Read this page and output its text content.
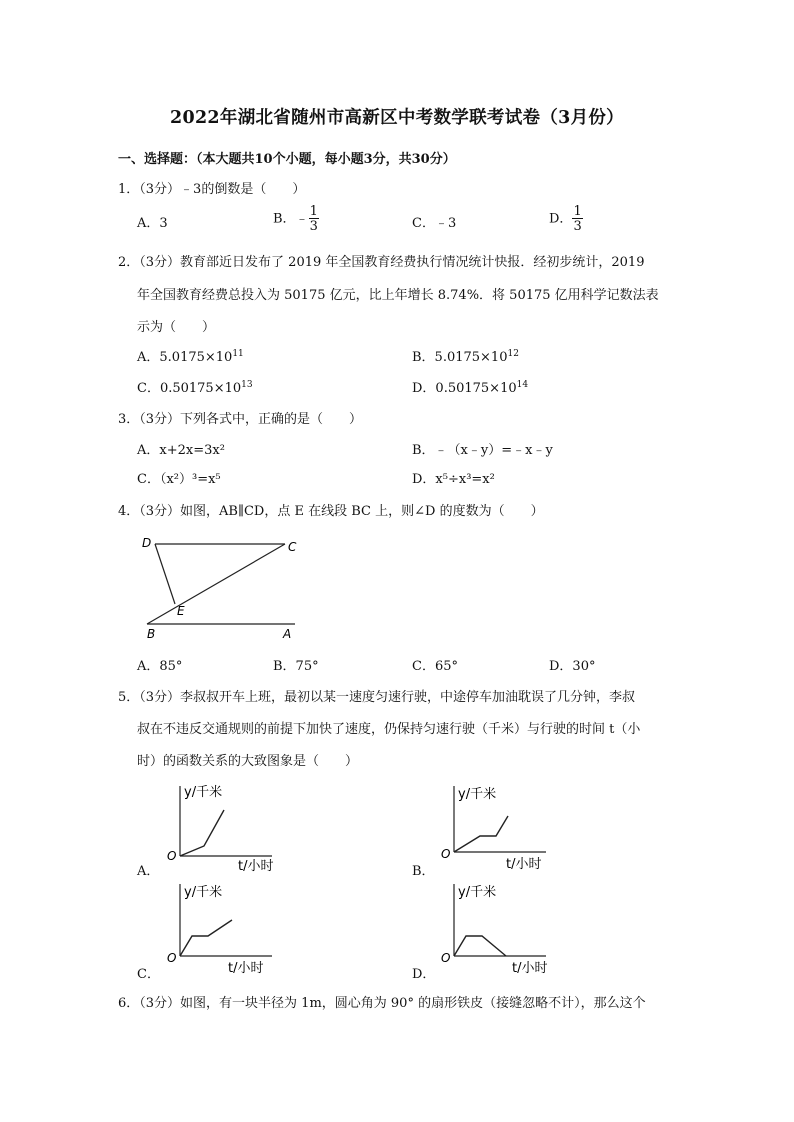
2022年湖北省随州市高新区中考数学联考试卷（3月份）
一、选择题：（本大题共10个小题，每小题3分，共30分）
1．（3分）﹣3的倒数是（　　）
A．3	B．﹣ $\frac{1}{3}$	C．﹣3	D． $\frac{1}{3}$
2．（3分）教育部近日发布了 2019 年全国教育经费执行情况统计快报．经初步统计，2019
年全国教育经费总投入为 50175 亿元，比上年增长 8.74%．将 50175 亿用科学记数法表
示为（　　）
A．$5.0175\times 10^{11}$	B．$5.0175\times 10^{12}$
C．$0.50175\times 10^{13}$	D．$0.50175\times 10^{14}$
3．（3分）下列各式中，正确的是（　　）
A．x+2x=3x²	B．﹣（x﹣y）=﹣x﹣y
C．（x²）³=x⁵	D．x⁵÷x³=x²
4．（3分）如图，AB∥CD，点 E 在线段 BC 上，则∠D 的度数为（　　）
D	C
E
B	A
A．85°	B．75°	C．65°	D．30°
5．（3分）李叔叔开车上班，最初以某一速度匀速行驶，中途停车加油耽误了几分钟，李叔
叔在不违反交通规则的前提下加快了速度，仍保持匀速行驶（千米）与行驶的时间 t（小
时）的函数关系的大致图象是（　　）
A．
y/千米
O
t/小时	B．
y/千米
O
t/小时
C．
y/千米
O
t/小时	D．
y/千米
O
t/小时
6．（3分）如图，有一块半径为 1m，圆心角为 90° 的扇形铁皮（接缝忽略不计），那么这个
